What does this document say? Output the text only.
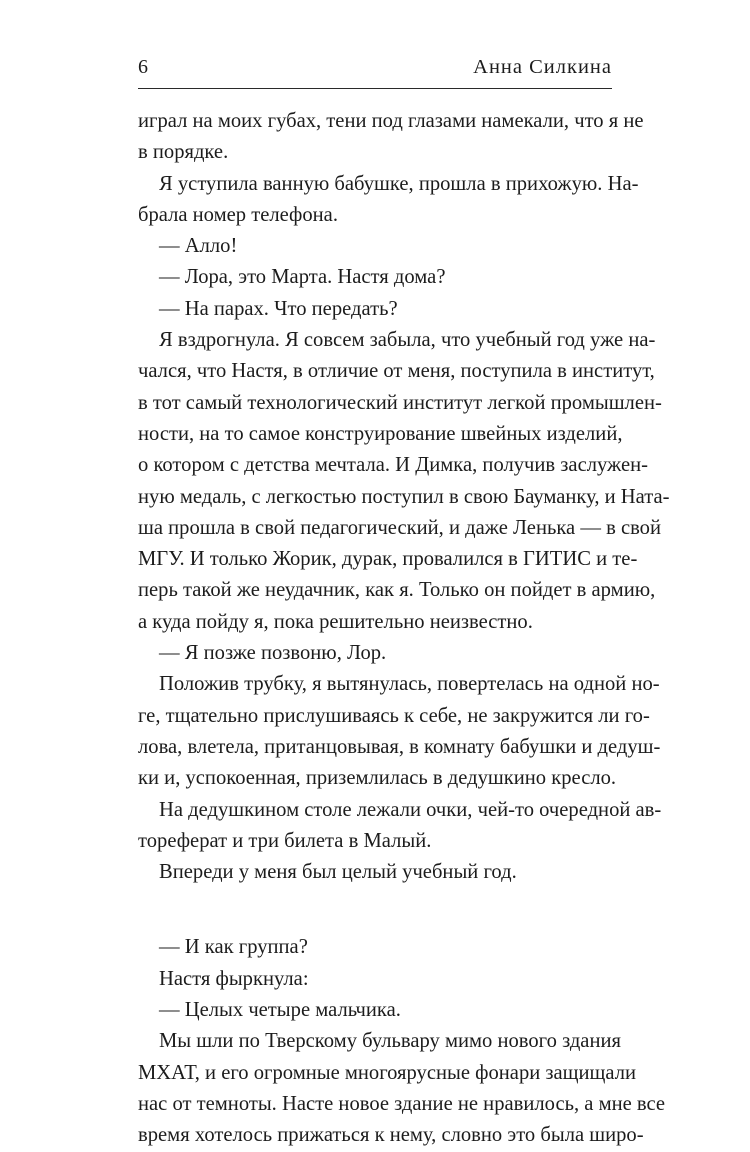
6	Анна Силкина
играл на моих губах, тени под глазами намекали, что я не
в порядке.
Я уступила ванную бабушке, прошла в прихожую. На-
брала номер телефона.
— Алло!
— Лора, это Марта. Настя дома?
— На парах. Что передать?
Я вздрогнула. Я совсем забыла, что учебный год уже на-
чался, что Настя, в отличие от меня, поступила в институт,
в тот самый технологический институт легкой промышлен-
ности, на то самое конструирование швейных изделий,
о котором с детства мечтала. И Димка, получив заслужен-
ную медаль, с легкостью поступил в свою Бауманку, и Ната-
ша прошла в свой педагогический, и даже Ленька — в свой
МГУ. И только Жорик, дурак, провалился в ГИТИС и те-
перь такой же неудачник, как я. Только он пойдет в армию,
а куда пойду я, пока решительно неизвестно.
— Я позже позвоню, Лор.
Положив трубку, я вытянулась, повертелась на одной но-
ге, тщательно прислушиваясь к себе, не закружится ли го-
лова, влетела, пританцовывая, в комнату бабушки и дедуш-
ки и, успокоенная, приземлилась в дедушкино кресло.
На дедушкином столе лежали очки, чей-то очередной ав-
тореферат и три билета в Малый.
Впереди у меня был целый учебный год.
— И как группа?
Настя фыркнула:
— Целых четыре мальчика.
Мы шли по Тверскому бульвару мимо нового здания
МХАТ, и его огромные многоярусные фонари защищали
нас от темноты. Насте новое здание не нравилось, а мне все
время хотелось прижаться к нему, словно это была широ-
